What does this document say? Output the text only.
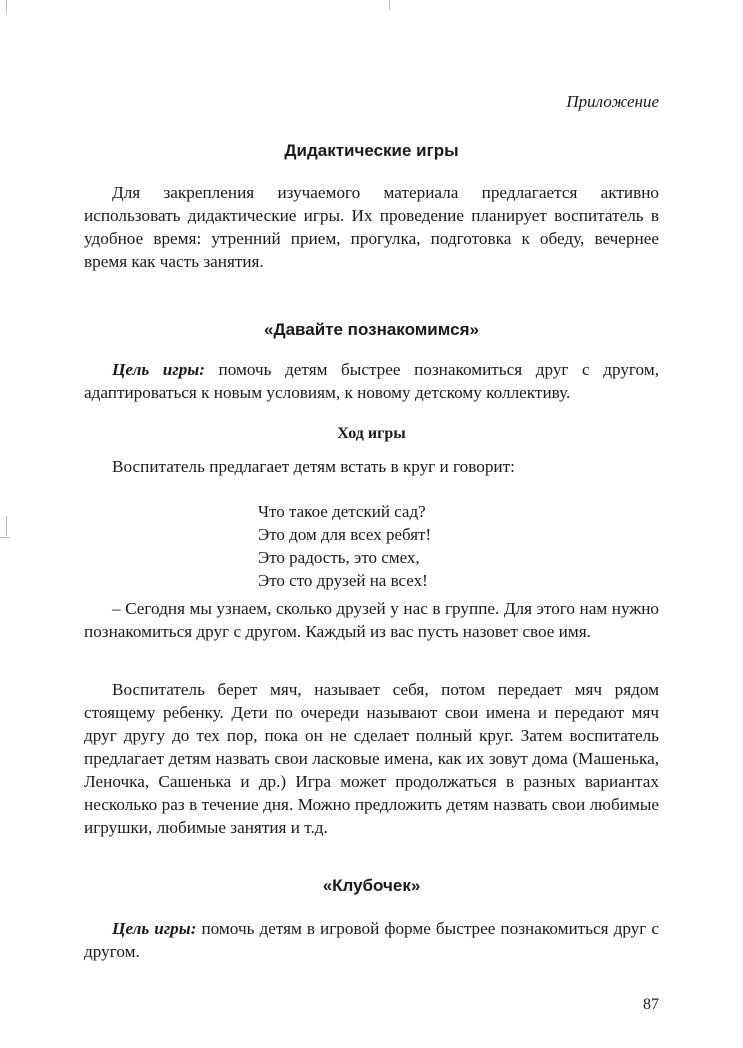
Приложение
Дидактические игры

Для закрепления изучаемого материала предлагается активно использовать дидактические игры. Их проведение планирует воспитатель в удобное время: утренний прием, прогулка, подготовка к обеду, вечернее время как часть занятия.

«Давайте познакомимся»

Цель игры: помочь детям быстрее познакомиться друг с другом, адаптироваться к новым условиям, к новому детскому коллективу.

Ход игры

Воспитатель предлагает детям встать в круг и говорит:

Что такое детский сад?
Это дом для всех ребят!
Это радость, это смех,
Это сто друзей на всех!

– Сегодня мы узнаем, сколько друзей у нас в группе. Для этого нам нужно познакомиться друг с другом. Каждый из вас пусть назовет свое имя.

Воспитатель берет мяч, называет себя, потом передает мяч рядом стоящему ребенку. Дети по очереди называют свои имена и передают мяч друг другу до тех пор, пока он не сделает полный круг. Затем воспитатель предлагает детям назвать свои ласковые имена, как их зовут дома (Машенька, Леночка, Сашенька и др.) Игра может продолжаться в разных вариантах несколько раз в течение дня. Можно предложить детям назвать свои любимые игрушки, любимые занятия и т.д.

«Клубочек»

Цель игры: помочь детям в игровой форме быстрее познакомиться друг с другом.

87
